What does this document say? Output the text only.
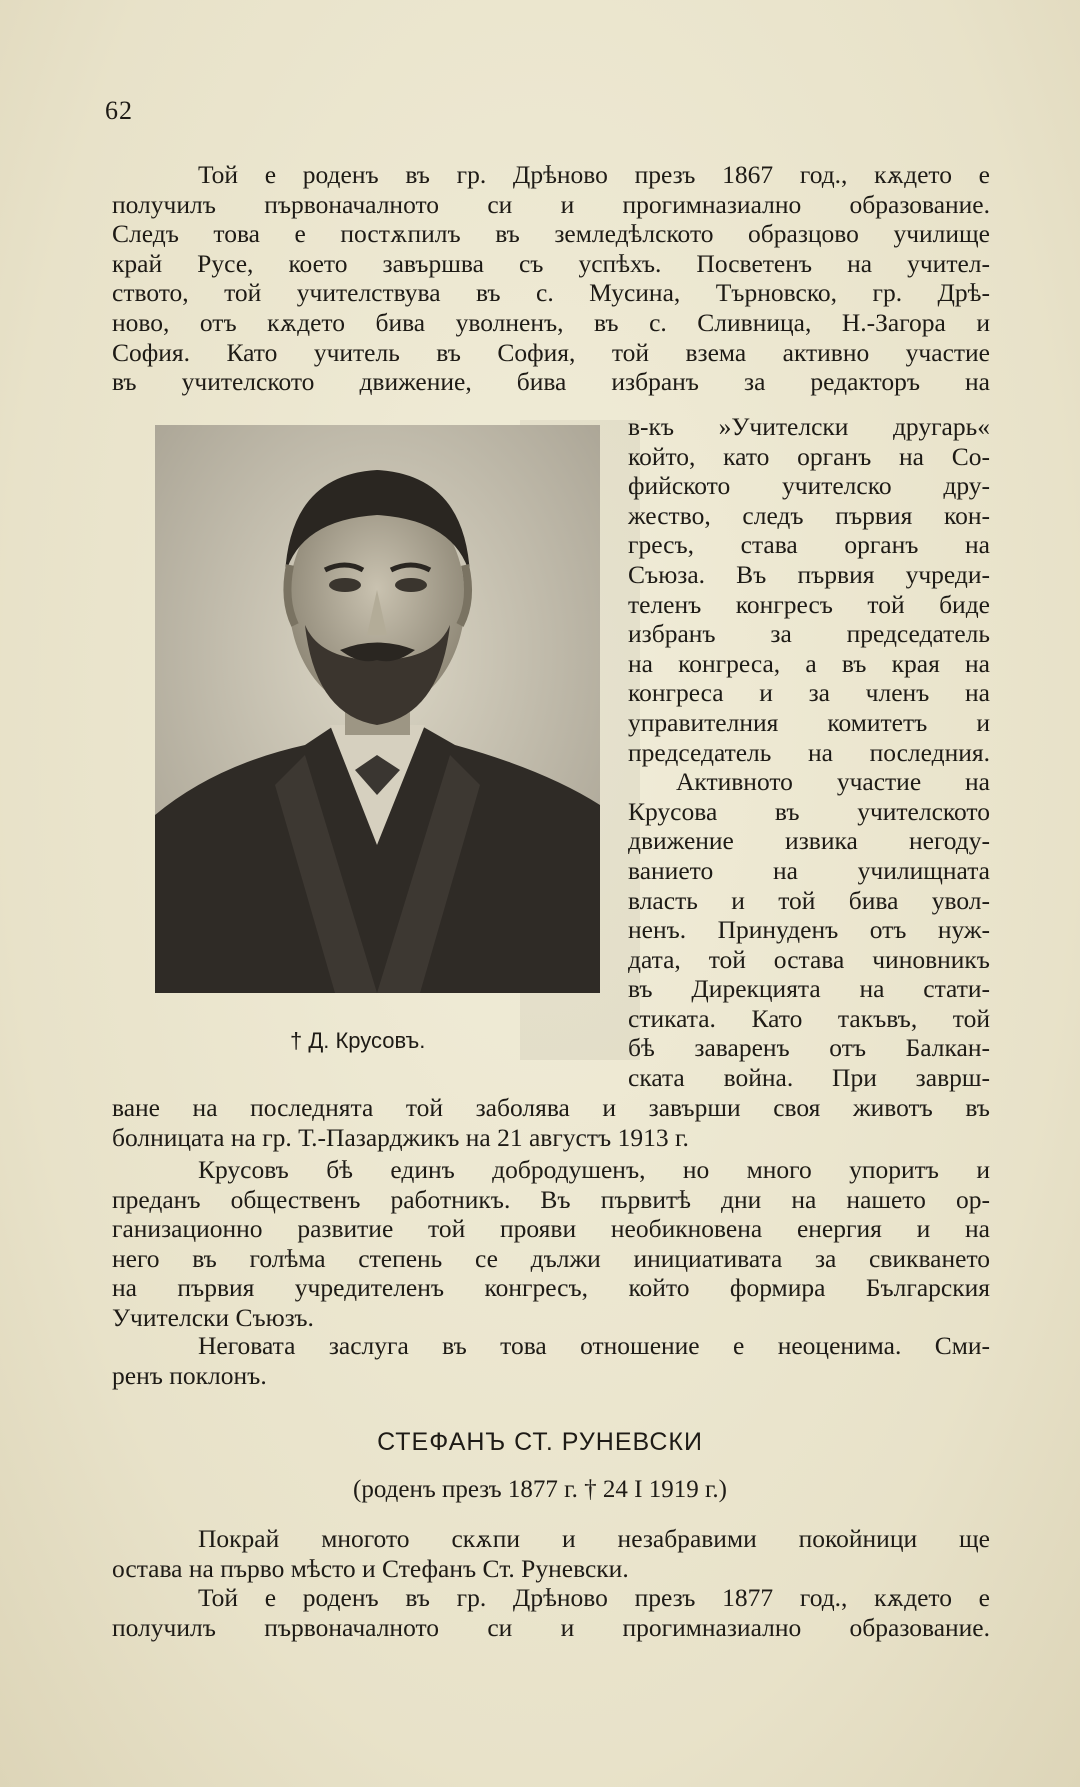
62
Той е роденъ въ гр. Дрѣново презъ 1867 год., кѫдето е
получилъ първоначалното си и прогимназиално образование.
Следъ това е постѫпилъ въ земледѣлското образцово училище
край Русе, което завършва съ успѣхъ. Посветенъ на учител-
ството, той учителствува въ с. Мусина, Търновско, гр. Дрѣ-
ново, отъ кѫдето бива уволненъ, въ с. Сливница, Н.-Загора и
София. Като учитель въ София, той взема активно участие
въ учителското движение, бива избранъ за редакторъ на
в-къ »Учителски другарь«
който, като органъ на Со-
фийското учителско дру-
жество, следъ първия кон-
гресъ, става органъ на
Съюза. Въ първия учреди-
теленъ конгресъ той биде
избранъ за председатель
на конгреса, а въ края на
конгреса и за членъ на
управителния комитетъ и
председатель на последния.
Активното участие на
Крусова въ учителското
движение извика негоду-
ванието на училищната
власть и той бива увол-
ненъ. Принуденъ отъ нуж-
дата, той остава чиновникъ
въ Дирекцията на стати-
стиката. Като такъвъ, той
бѣ заваренъ отъ Балкан-
ската война. При заврш-
† Д. Крусовъ.
ване на последнята той заболява и завърши своя животъ въ
болницата на гр. Т.-Пазарджикъ на 21 августъ 1913 г.
Крусовъ бѣ единъ добродушенъ, но много упоритъ и
преданъ общественъ работникъ. Въ първитѣ дни на нашето ор-
ганизационно развитие той прояви необикновена енергия и на
него въ голѣма степень се дължи инициативата за свикването
на първия учредителенъ конгресъ, който формира Българския
Учителски Съюзъ.
Неговата заслуга въ това отношение е неоценима. Сми-
ренъ поклонъ.
СТЕФАНЪ СТ. РУНЕВСКИ
(роденъ презъ 1877 г. † 24 I 1919 г.)
Покрай многото скѫпи и незабравими покойници ще
остава на първо мѣсто и Стефанъ Ст. Руневски.
Той е роденъ въ гр. Дрѣново презъ 1877 год., кѫдето е
получилъ първоначалното си и прогимназиално образование.
